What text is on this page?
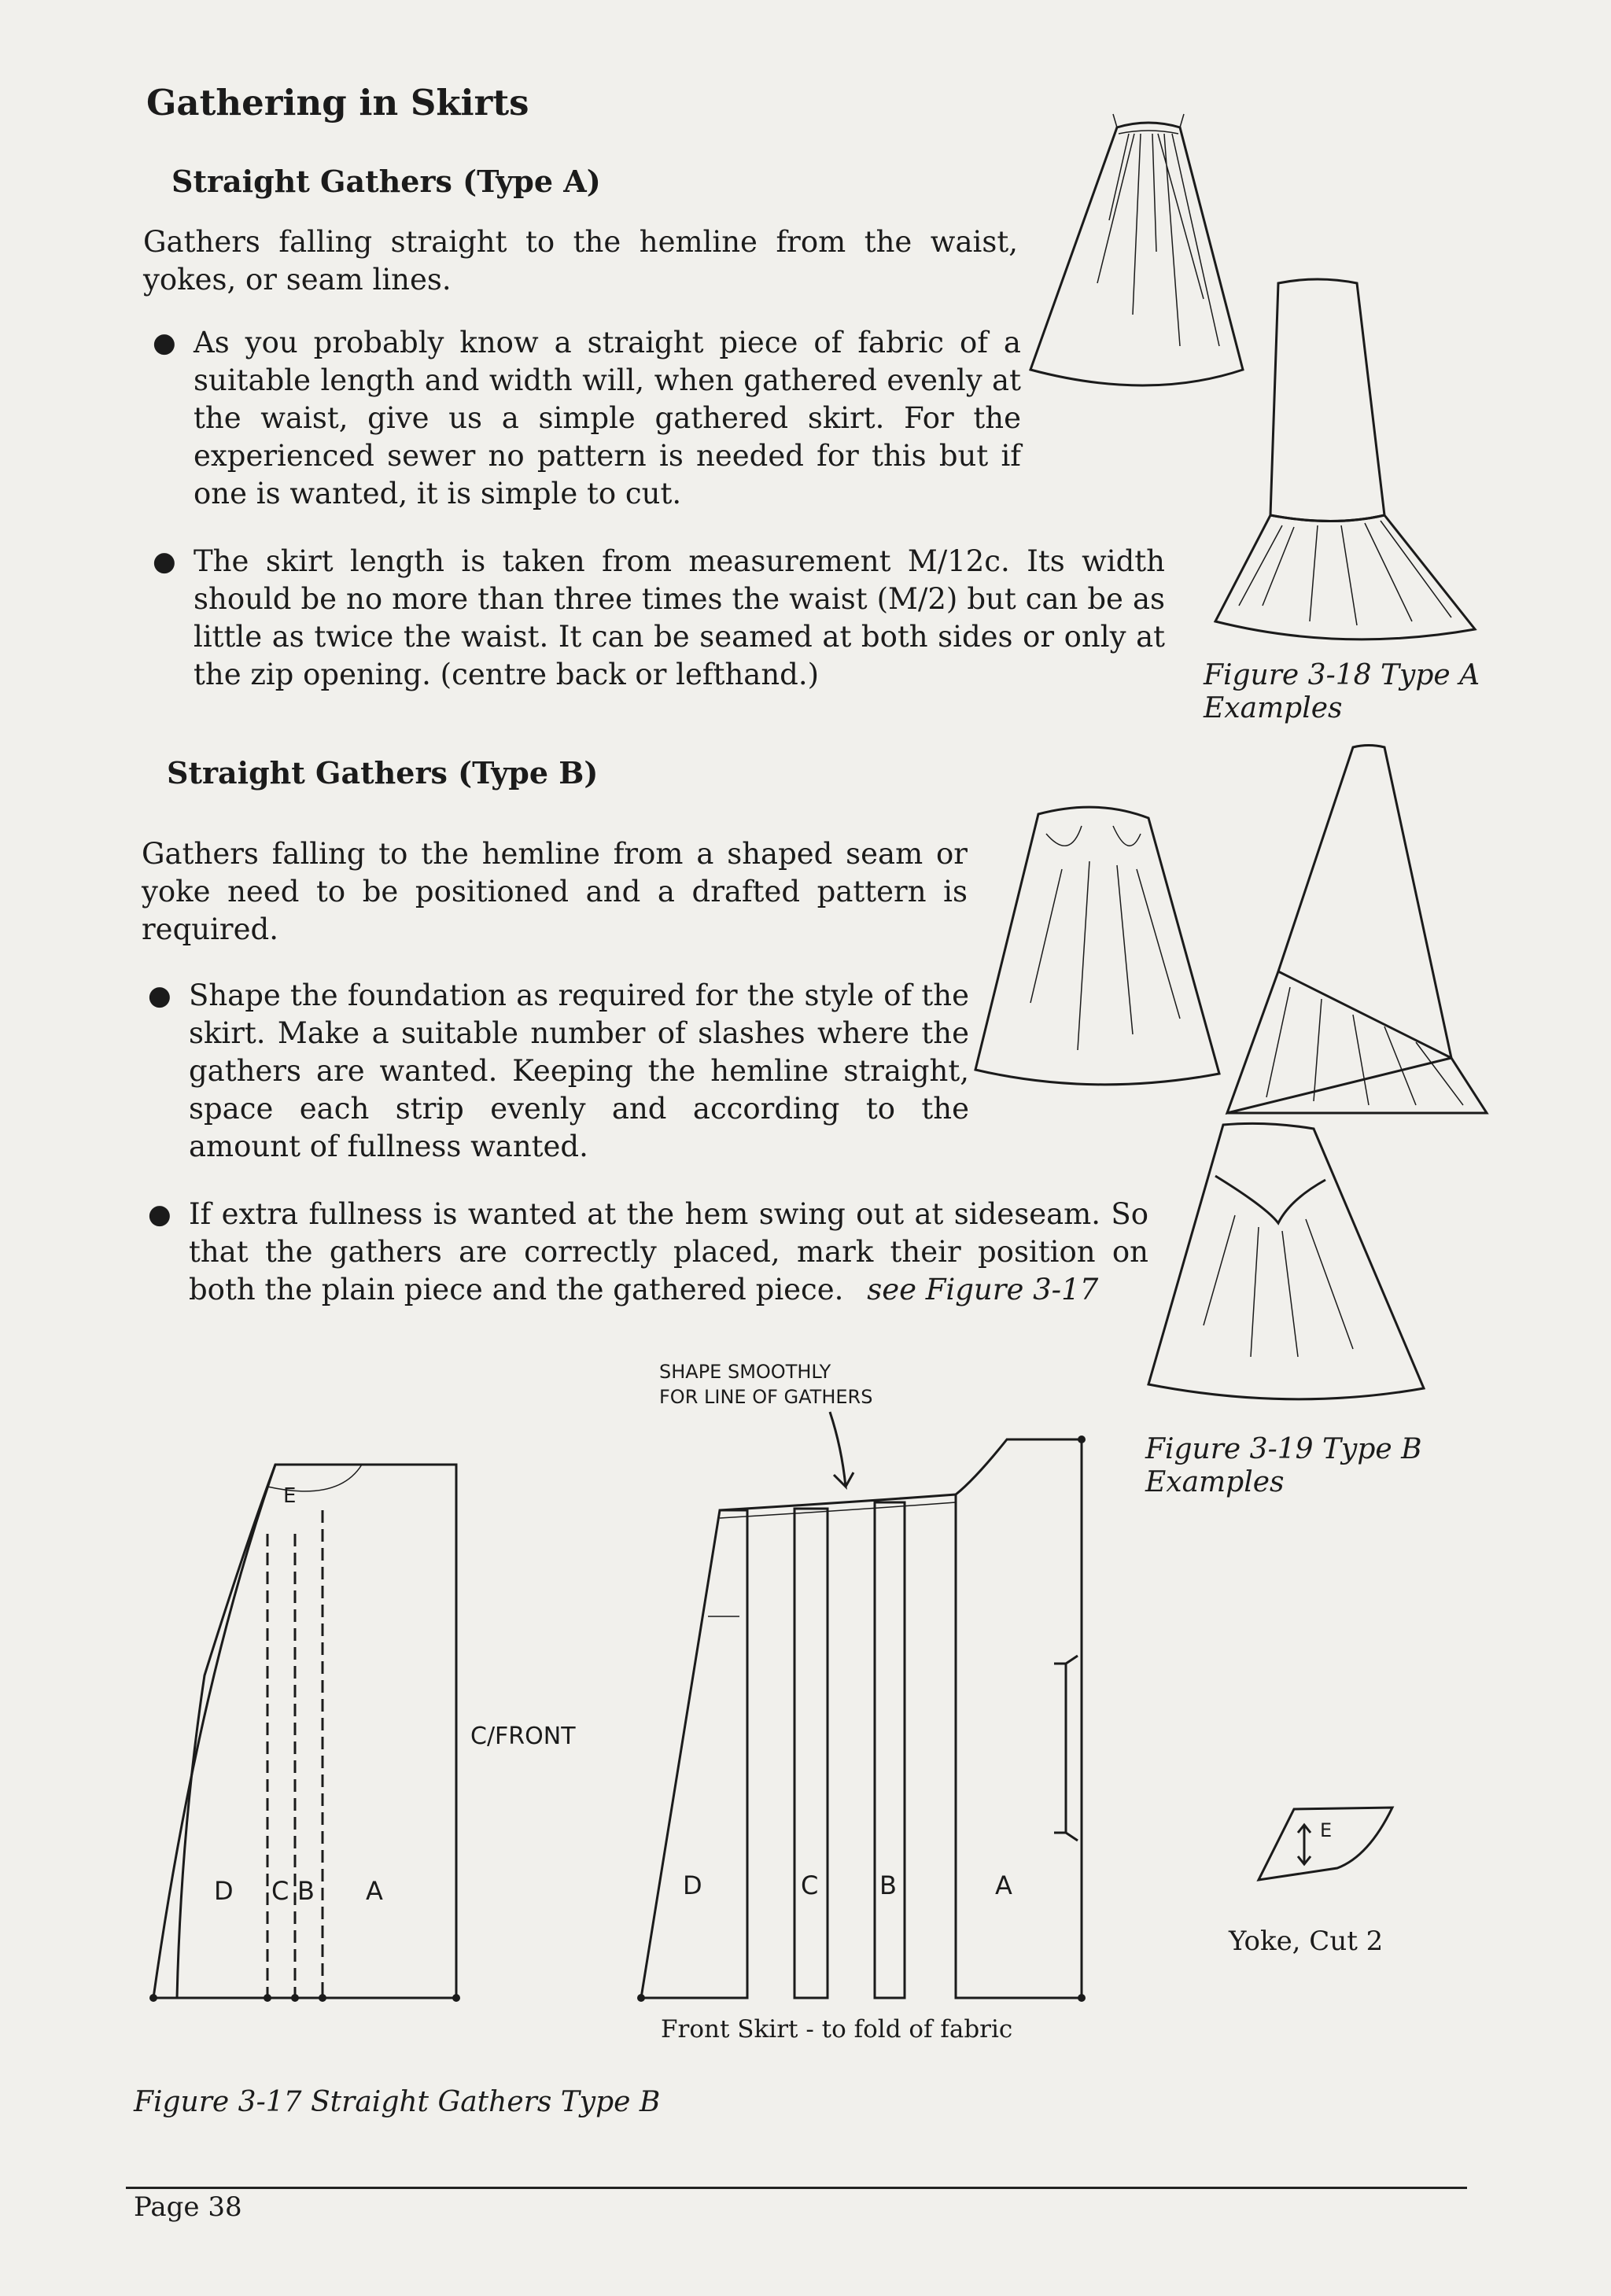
Gathering in Skirts
Straight Gathers (Type A)

Gathers falling straight to the hemline from the waist, yokes, or seam lines.

● As you probably know a straight piece of fabric of a suitable length and width will, when gathered evenly at the waist, give us a simple gathered skirt. For the experienced sewer no pattern is needed for this but if one is wanted, it is simple to cut.
● The skirt length is taken from measurement M/12c. Its width should be no more than three times the waist (M/2) but can be as little as twice the waist. It can be seamed at both sides or only at the zip opening. (centre back or lefthand.)
Straight Gathers (Type B)

Gathers falling to the hemline from a shaped seam or yoke need to be positioned and a drafted pattern is required.

● Shape the foundation as required for the style of the skirt. Make a suitable number of slashes where the gathers are wanted. Keeping the hemline straight, space each strip evenly and according to the amount of fullness wanted.
● If extra fullness is wanted at the hem swing out at sideseam. So that the gathers are correctly placed, mark their position on both the plain piece and the gathered piece. see Figure 3-17

Figure 3-18 Type A

Examples

Figure 3-19 Type B

Examples

E
D C B A

C/FRONT

SHAPE SMOOTHLY

FOR LINE OF GATHERS

D	C B	A

Front Skirt - to fold of fabric

E

Yoke, Cut 2

Figure 3-17 Straight Gathers Type B

Page 38
